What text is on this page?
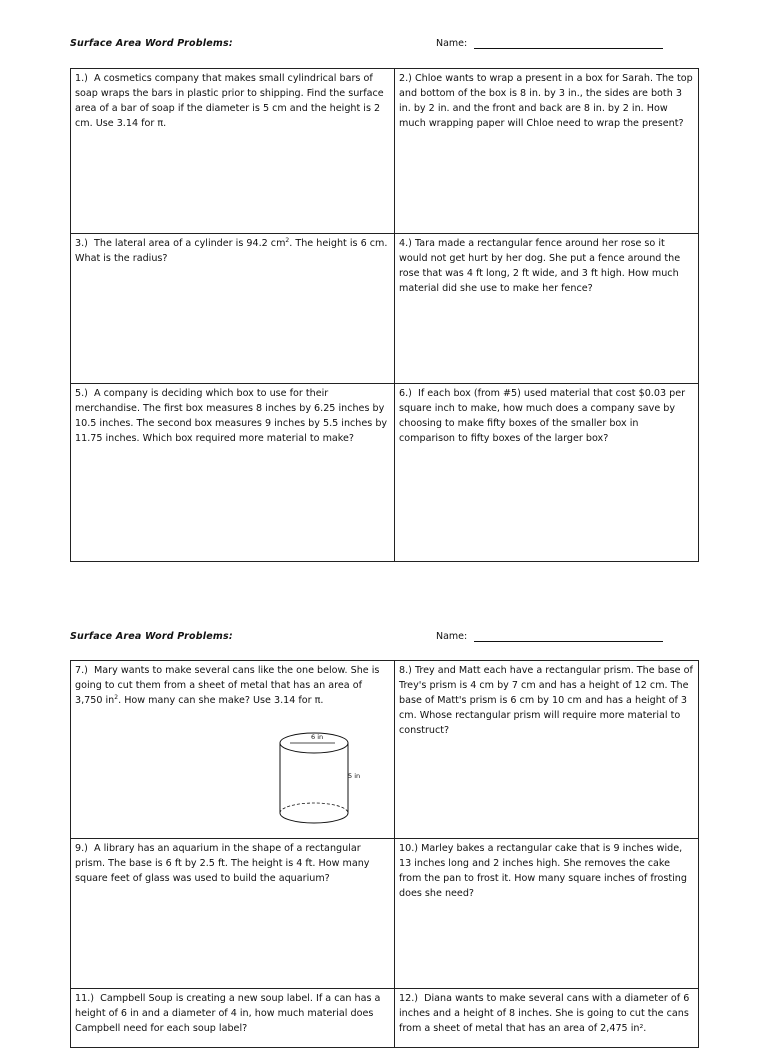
Surface Area Word Problems:	Name:

1.) A cosmetics company that makes small cylindrical bars of soap wraps the bars in plastic prior to shipping. Find the surface area of a bar of soap if the diameter is 5 cm and the height is 2 cm. Use 3.14 for π.

2.) Chloe wants to wrap a present in a box for Sarah. The top and bottom of the box is 8 in. by 3 in., the sides are both 3 in. by 2 in. and the front and back are 8 in. by 2 in. How much wrapping paper will Chloe need to wrap the present?

3.) The lateral area of a cylinder is 94.2 $cm^2$. The height is 6 cm. What is the radius?

4.) Tara made a rectangular fence around her rose so it would not get hurt by her dog. She put a fence around the rose that was 4 ft long, 2 ft wide, and 3 ft high. How much material did she use to make her fence?

5.) A company is deciding which box to use for their merchandise. The first box measures 8 inches by 6.25 inches by 10.5 inches. The second box measures 9 inches by 5.5 inches by 11.75 inches. Which box required more material to make?

6.) If each box (from #5) used material that cost $0.03 per square inch to make, how much does a company save by choosing to make fifty boxes of the smaller box in comparison to fifty boxes of the larger box?

Surface Area Word Problems:	Name:

7.) Mary wants to make several cans like the one below. She is going to cut them from a sheet of metal that has an area of 3,750 $in^2$. How many can she make? Use 3.14 for π.

6 in
5 in

8.) Trey and Matt each have a rectangular prism. The base of Trey's prism is 4 cm by 7 cm and has a height of 12 cm. The base of Matt's prism is 6 cm by 10 cm and has a height of 3 cm. Whose rectangular prism will require more material to construct?

9.) A library has an aquarium in the shape of a rectangular prism. The base is 6 ft by 2.5 ft. The height is 4 ft. How many square feet of glass was used to build the aquarium?

10.) Marley bakes a rectangular cake that is 9 inches wide, 13 inches long and 2 inches high. She removes the cake from the pan to frost it. How many square inches of frosting does she need?

11.) Campbell Soup is creating a new soup label. If a can has a height of 6 in and a diameter of 4 in, how much material does Campbell need for each soup label?

12.) Diana wants to make several cans with a diameter of 6 inches and a height of 8 inches. She is going to cut the cans from a sheet of metal that has an area of 2,475 in².
